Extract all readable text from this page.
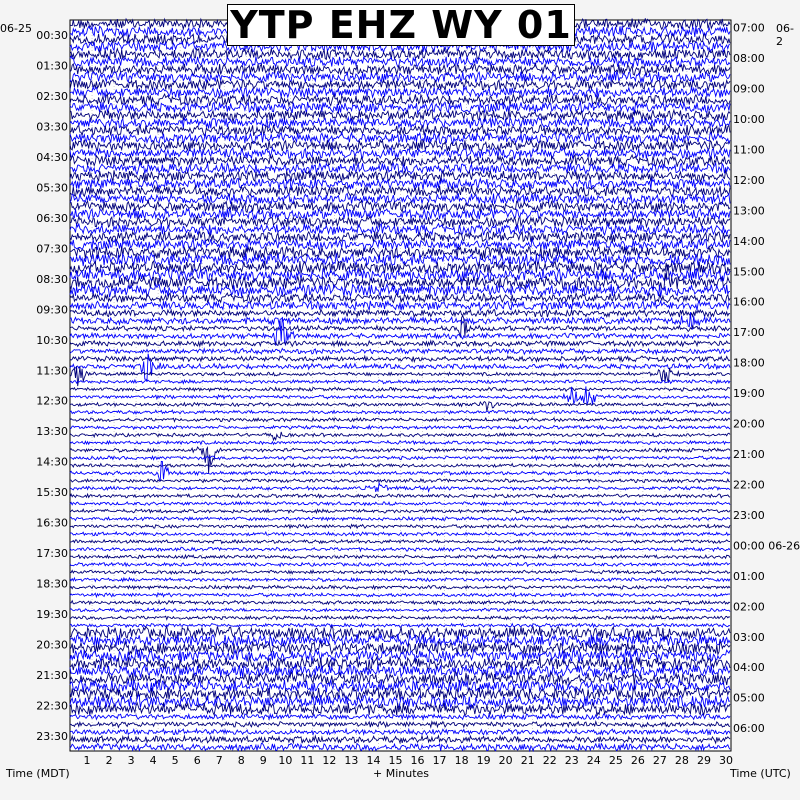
00:30
01:30
02:30
03:30
04:30
05:30
06:30
07:30
08:30
09:30
10:30
11:30
12:30
13:30
14:30
15:30
16:30
17:30
18:30
19:30
20:30
21:30
22:30
23:30
07:00
08:00
09:00
10:00
11:00
12:00
13:00
14:00
15:00
16:00
17:00
18:00
19:00
20:00
21:00
22:00
23:00
00:00 06-26
01:00
02:00
03:00
04:00
05:00
06:00
1 2 3 4 5 6 7 8 9 10 11 12 13 14 15 16 17 18 19 20 21 22 23 24 25 26 27 28 29 30
YTP EHZ WY 01
06-25	06-2
Time (MDT)	+ Minutes	Time (UTC)
